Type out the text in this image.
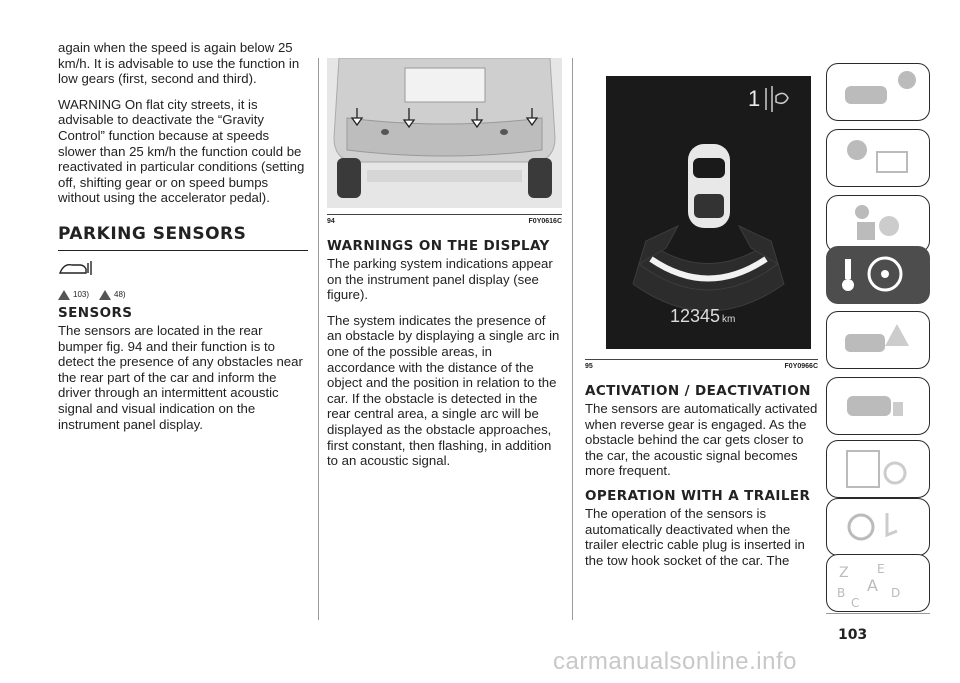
again when the speed is again below 25 km/h. It is advisable to use the function in low gears (first, second and third).

WARNING On flat city streets, it is advisable to deactivate the “Gravity Control” function because at speeds slower than 25 km/h the function could be reactivated in particular conditions (setting off, shifting gear or on speed bumps without using the accelerator pedal).

PARKING SENSORS
103)	48)
SENSORS

The sensors are located in the rear bumper fig. 94 and their function is to detect the presence of any obstacles near the rear part of the car and inform the driver through an intermittent acoustic signal and visual indication on the instrument panel display.

94	F0Y0616C
WARNINGS ON THE DISPLAY

The parking system indications appear on the instrument panel display (see figure).

The system indicates the presence of an obstacle by displaying a single arc in one of the possible areas, in accordance with the distance of the object and the position in relation to the car. If the obstacle is detected in the rear central area, a single arc will be displayed as the obstacle approaches, first constant, then flashing, in addition to an acoustic signal.

1
12345 km
95	F0Y0966C
ACTIVATION / DEACTIVATION

The sensors are automatically activated when reverse gear is engaged. As the obstacle behind the car gets closer to the car, the acoustic signal becomes more frequent.

OPERATION WITH A TRAILER

The operation of the sensors is automatically deactivated when the trailer electric cable plug is inserted in the tow hook socket of the car. The

Z E
A
B	D
C
103
carmanualsonline.info
